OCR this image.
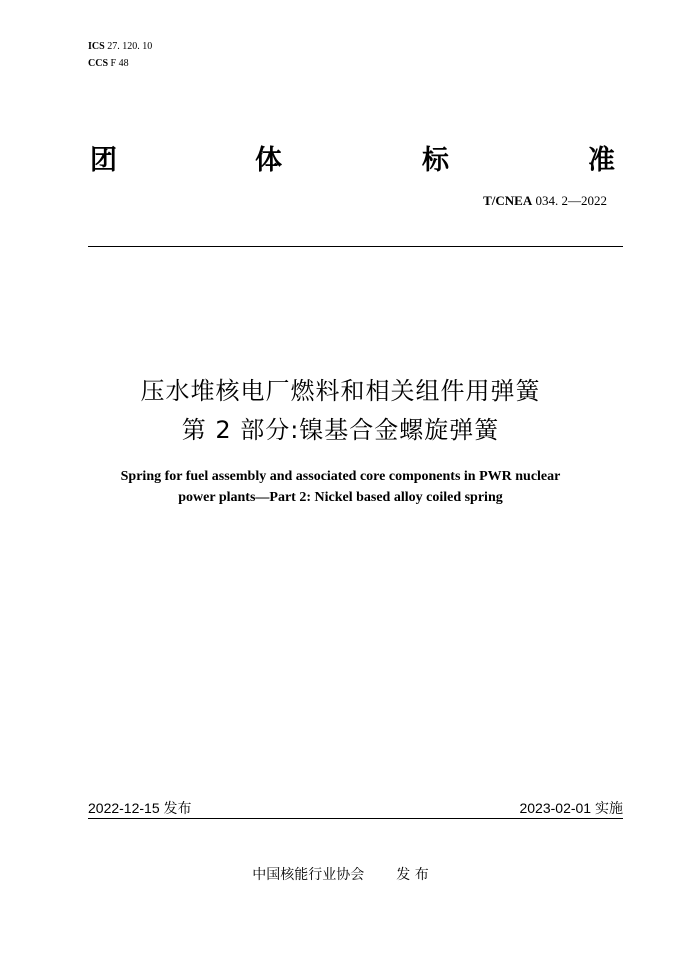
ICS 27. 120. 10
CCS F 48
团	体	标	准
T/CNEA 034. 2—2022
压水堆核电厂燃料和相关组件用弹簧
第 2 部分:镍基合金螺旋弹簧
Spring for fuel assembly and associated core components in PWR nuclear
power plants—Part 2: Nickel based alloy coiled spring
2022-12-15 发布	2023-02-01 实施
中国核能行业协会 发 布
